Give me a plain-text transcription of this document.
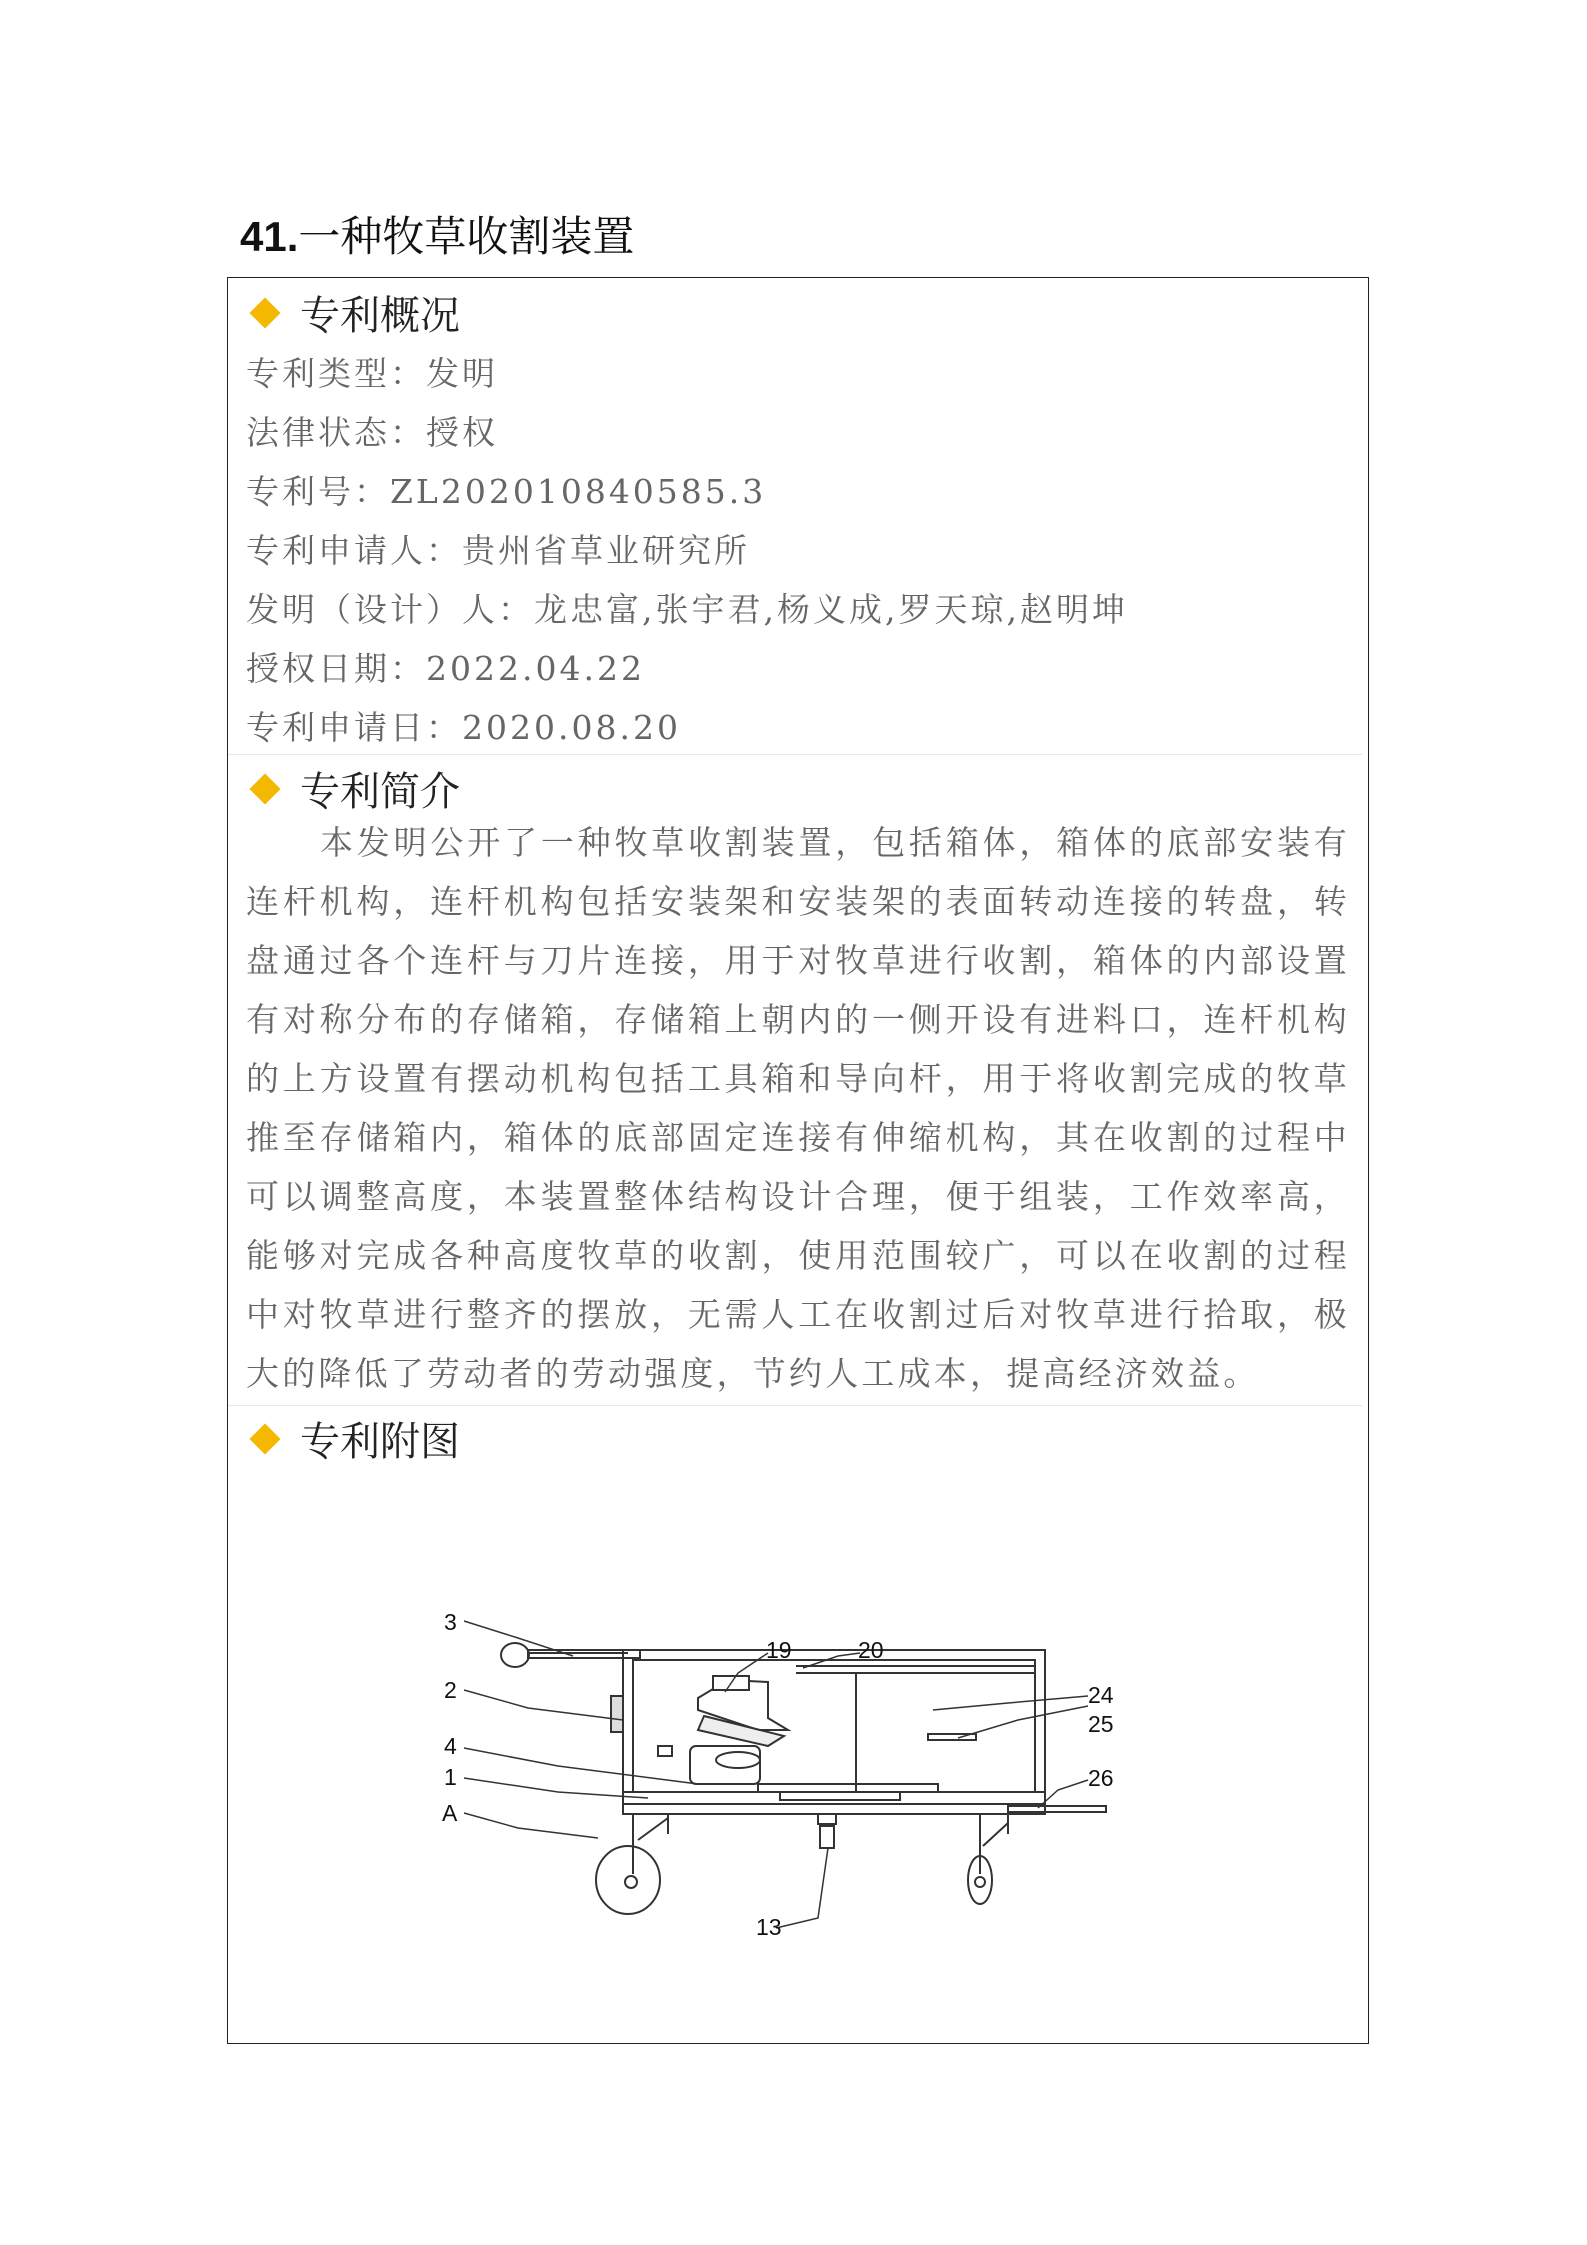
41.一种牧草收割装置
专利概况
专利类型：发明
法律状态：授权
专利号：ZL202010840585.3
专利申请人：贵州省草业研究所
发明（设计）人：龙忠富,张宇君,杨义成,罗天琼,赵明坤
授权日期：2022.04.22
专利申请日：2020.08.20
专利简介

本发明公开了一种牧草收割装置，包括箱体，箱体的底部安装有连杆机构，连杆机构包括安装架和安装架的表面转动连接的转盘，转盘通过各个连杆与刀片连接，用于对牧草进行收割，箱体的内部设置有对称分布的存储箱，存储箱上朝内的一侧开设有进料口，连杆机构的上方设置有摆动机构包括工具箱和导向杆，用于将收割完成的牧草推至存储箱内，箱体的底部固定连接有伸缩机构，其在收割的过程中可以调整高度，本装置整体结构设计合理，便于组装，工作效率高，能够对完成各种高度牧草的收割，使用范围较广，可以在收割的过程中对牧草进行整齐的摆放，无需人工在收割过后对牧草进行拾取，极大的降低了劳动者的劳动强度，节约人工成本，提高经济效益。

专利附图
3
2
4
1
A
19	20
24
25
26
13
